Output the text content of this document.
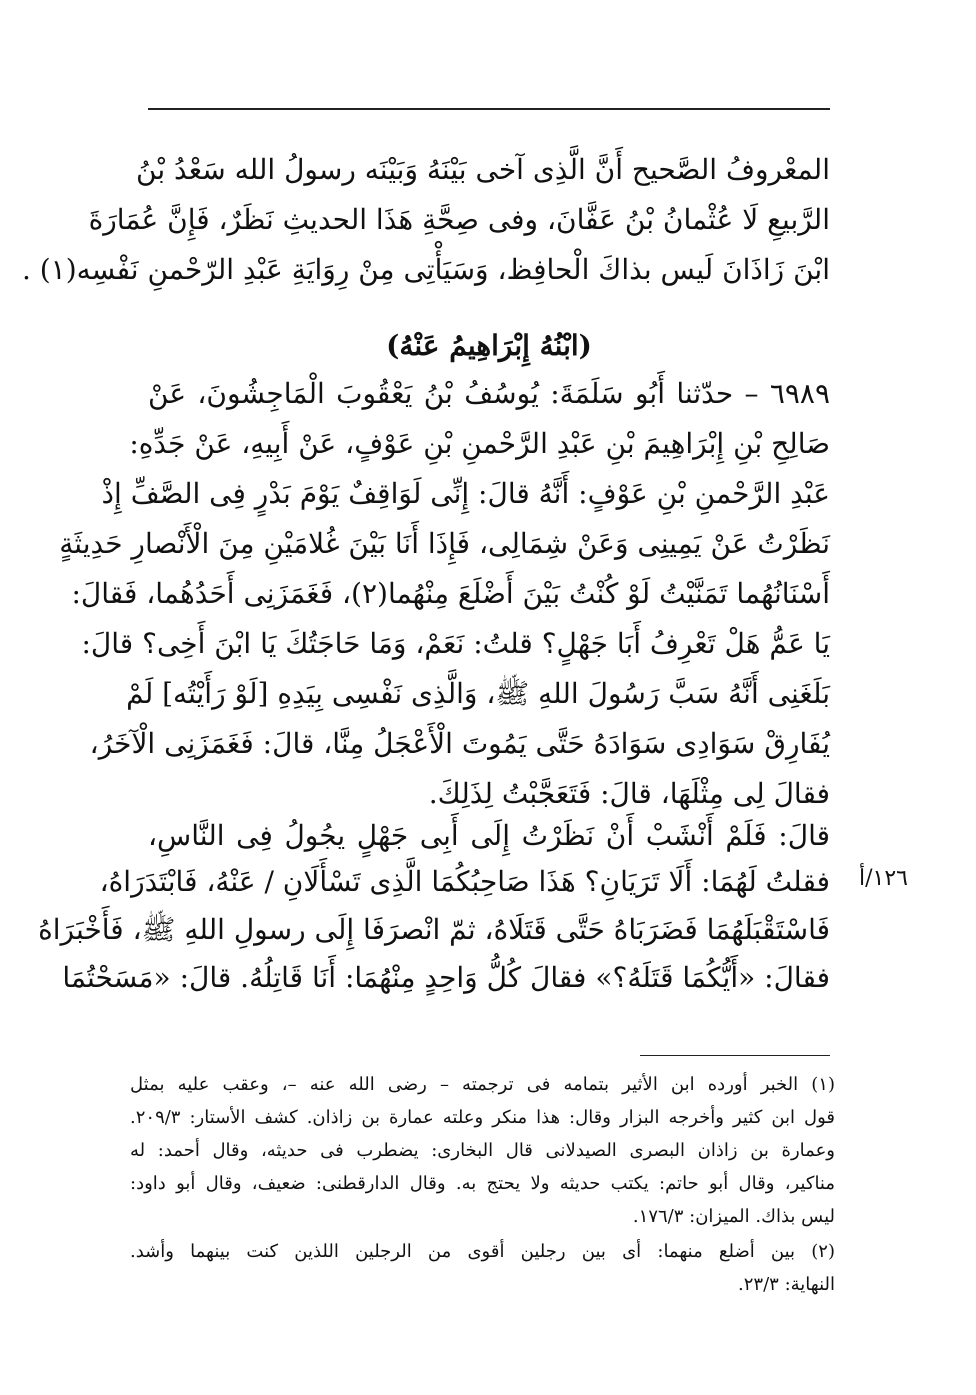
المعْروفُ الصَّحيح أَنَّ الَّذِى آخى بَيْنَهُ وَبَيْنَه رسولُ الله سَعْدُ بْنُ
الرَّبيعِ لَا عُثْمانُ بْنُ عَفَّانَ، وفى صِحَّةِ هَذَا الحديثِ نَظَرٌ، فَإِنَّ عُمَارَةَ
ابْنَ زَاذَانَ لَيس بذاكَ الْحافِظ، وَسَيَأْتِى مِنْ رِوَايَةِ عَبْدِ الرّحْمنِ نَفْسِه(١) .
(ابْنُهُ إِبْرَاهِيمُ عَنْهُ)
٦٩٨٩ – حدّثنا أَبُو سَلَمَةَ: يُوسُفُ بْنُ يَعْقُوبَ الْمَاجِشُونَ، عَنْ
صَالِحِ بْنِ إِبْرَاهِيمَ بْنِ عَبْدِ الرَّحْمنِ بْنِ عَوْفٍ، عَنْ أَبِيهِ، عَنْ جَدِّهِ:
عَبْدِ الرَّحْمنِ بْنِ عَوْفٍ: أَنَّهُ قالَ: إِنِّى لَوَاقِفٌ يَوْمَ بَدْرٍ فِى الصَّفِّ إِذْ
نَظَرْتُ عَنْ يَمِينِى وَعَنْ شِمَالِى، فَإِذَا أَنَا بَيْنَ غُلامَيْنِ مِنَ الْأَنْصارِ حَدِيثَةٍ
أَسْنَانُهُما تَمَنَّيْتُ لَوْ كُنْتُ بَيْنَ أَضْلَعَ مِنْهُما(٢)، فَغَمَزَنِى أَحَدُهُما، فَقالَ:
يَا عَمُّ هَلْ تَعْرِفُ أَبَا جَهْلٍ؟ قلتُ: نَعَمْ، وَمَا حَاجَتُكَ يَا ابْنَ أَخِى؟ قالَ:
بَلَغَنِى أَنَّهُ سَبَّ رَسُولَ اللهِ ﷺ، وَالَّذِى نَفْسِى بِيَدِهِ [لَوْ رَأَيْتُه] لَمْ
يُفَارِقْ سَوَادِى سَوَادَهُ حَتَّى يَمُوتَ الْأَعْجَلُ مِنَّا، قالَ: فَغَمَزَنِى الْآخَرُ،
فقالَ لِى مِثْلَهَا، قالَ: فَتَعَجَّبْتُ لِذَلِكَ.
قالَ: فَلَمْ أَنْشَبْ أَنْ نَظَرْتُ إِلَى أَبِى جَهْلٍ يجُولُ فِى النَّاسِ،
فقلتُ لَهُمَا: أَلَا تَرَيَانِ؟ هَذَا صَاحِبُكُمَا الَّذِى تَسْأَلَانِ / عَنْهُ، فَابْتَدَرَاهُ،
فَاسْتَقْبَلَهُمَا فَضَرَبَاهُ حَتَّى قَتَلَاهُ، ثمّ انْصرَفَا إِلَى رسولِ اللهِ ﷺ، فَأَخْبَرَاهُ
فقالَ: «أَيُّكُمَا قَتَلَهُ؟» فقالَ كُلُّ وَاحِدٍ مِنْهُمَا: أَنَا قَاتِلُهُ. قالَ: «مَسَحْتُمَا
١٢٦/أ
(١) الخبر أورده ابن الأثير بتمامه فى ترجمته – رضى الله عنه –، وعقب عليه بمثل
قول ابن كثير وأخرجه البزار وقال: هذا منكر وعلته عمارة بن زاذان. كشف الأستار: ٢٠٩/٣.
وعمارة بن زاذان البصرى الصيدلانى قال البخارى: يضطرب فى حديثه، وقال أحمد: له
مناكير، وقال أبو حاتم: يكتب حديثه ولا يحتج به. وقال الدارقطنى: ضعيف، وقال أبو داود:
ليس بذاك. الميزان: ١٧٦/٣.
(٢) بين أضلع منهما: أى بين رجلين أقوى من الرجلين اللذين كنت بينهما وأشد.
النهاية: ٢٣/٣.
